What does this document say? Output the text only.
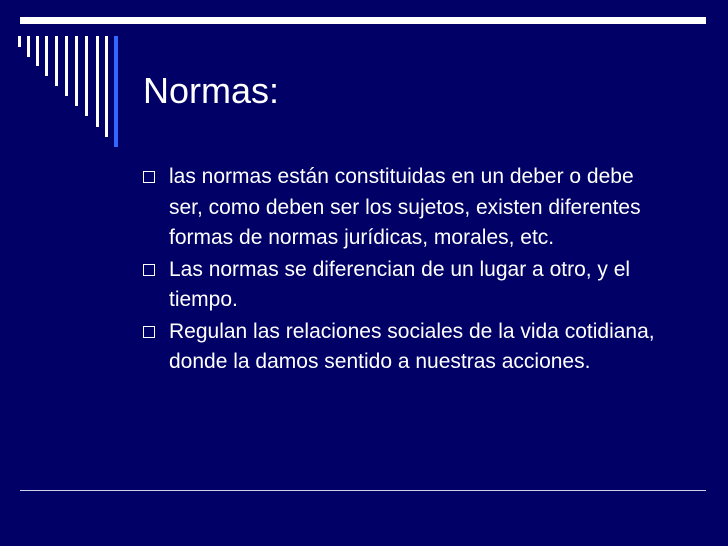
Normas:
las normas están constituidas en un deber o debe ser, como deben ser los sujetos, existen diferentes formas de normas jurídicas, morales, etc.
Las normas se diferencian de un lugar a otro, y el tiempo.
Regulan las relaciones sociales de la vida cotidiana, donde la damos sentido a nuestras acciones.
